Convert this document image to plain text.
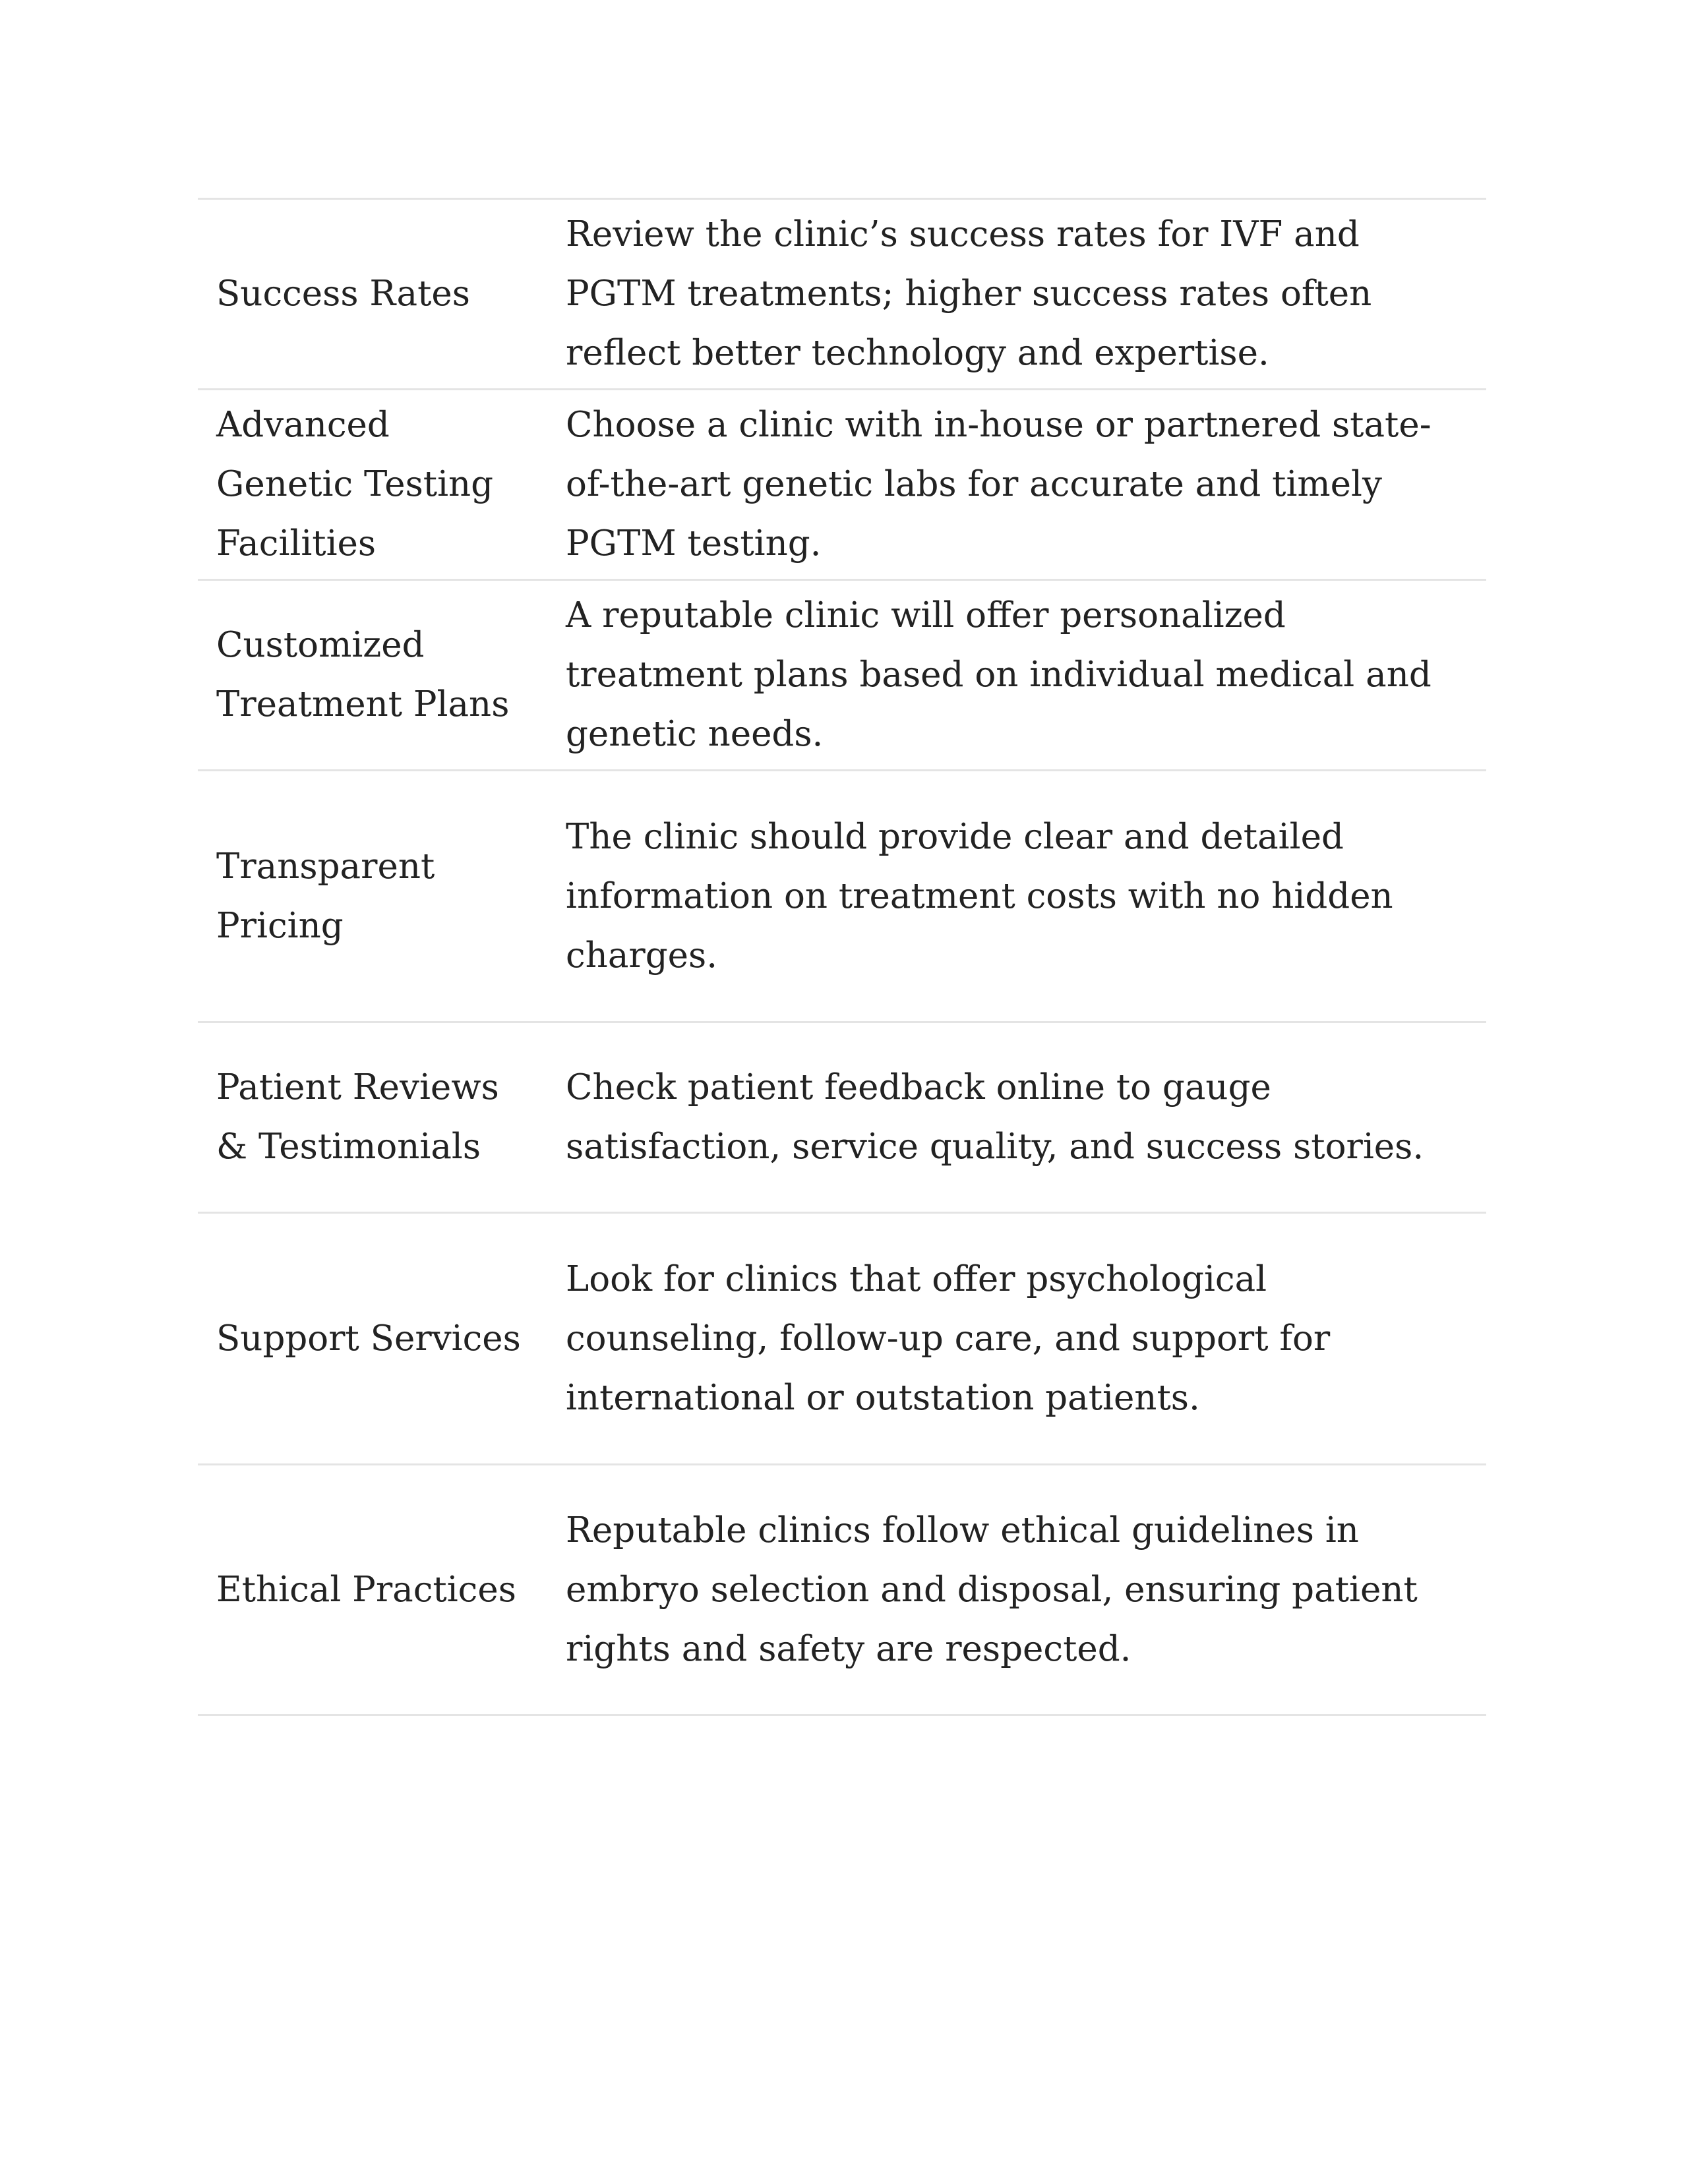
Success Rates	Review the clinic’s success rates for IVF and PGTM treatments; higher success rates often reflect better technology and expertise.
Advanced Genetic Testing Facilities	Choose a clinic with in-house or partnered state-of-the-art genetic labs for accurate and timely PGTM testing.
Customized Treatment Plans	A reputable clinic will offer personalized treatment plans based on individual medical and genetic needs.
Transparent Pricing	The clinic should provide clear and detailed information on treatment costs with no hidden charges.
Patient Reviews & Testimonials	Check patient feedback online to gauge satisfaction, service quality, and success stories.
Support Services	Look for clinics that offer psychological counseling, follow-up care, and support for international or outstation patients.
Ethical Practices	Reputable clinics follow ethical guidelines in embryo selection and disposal, ensuring patient rights and safety are respected.
